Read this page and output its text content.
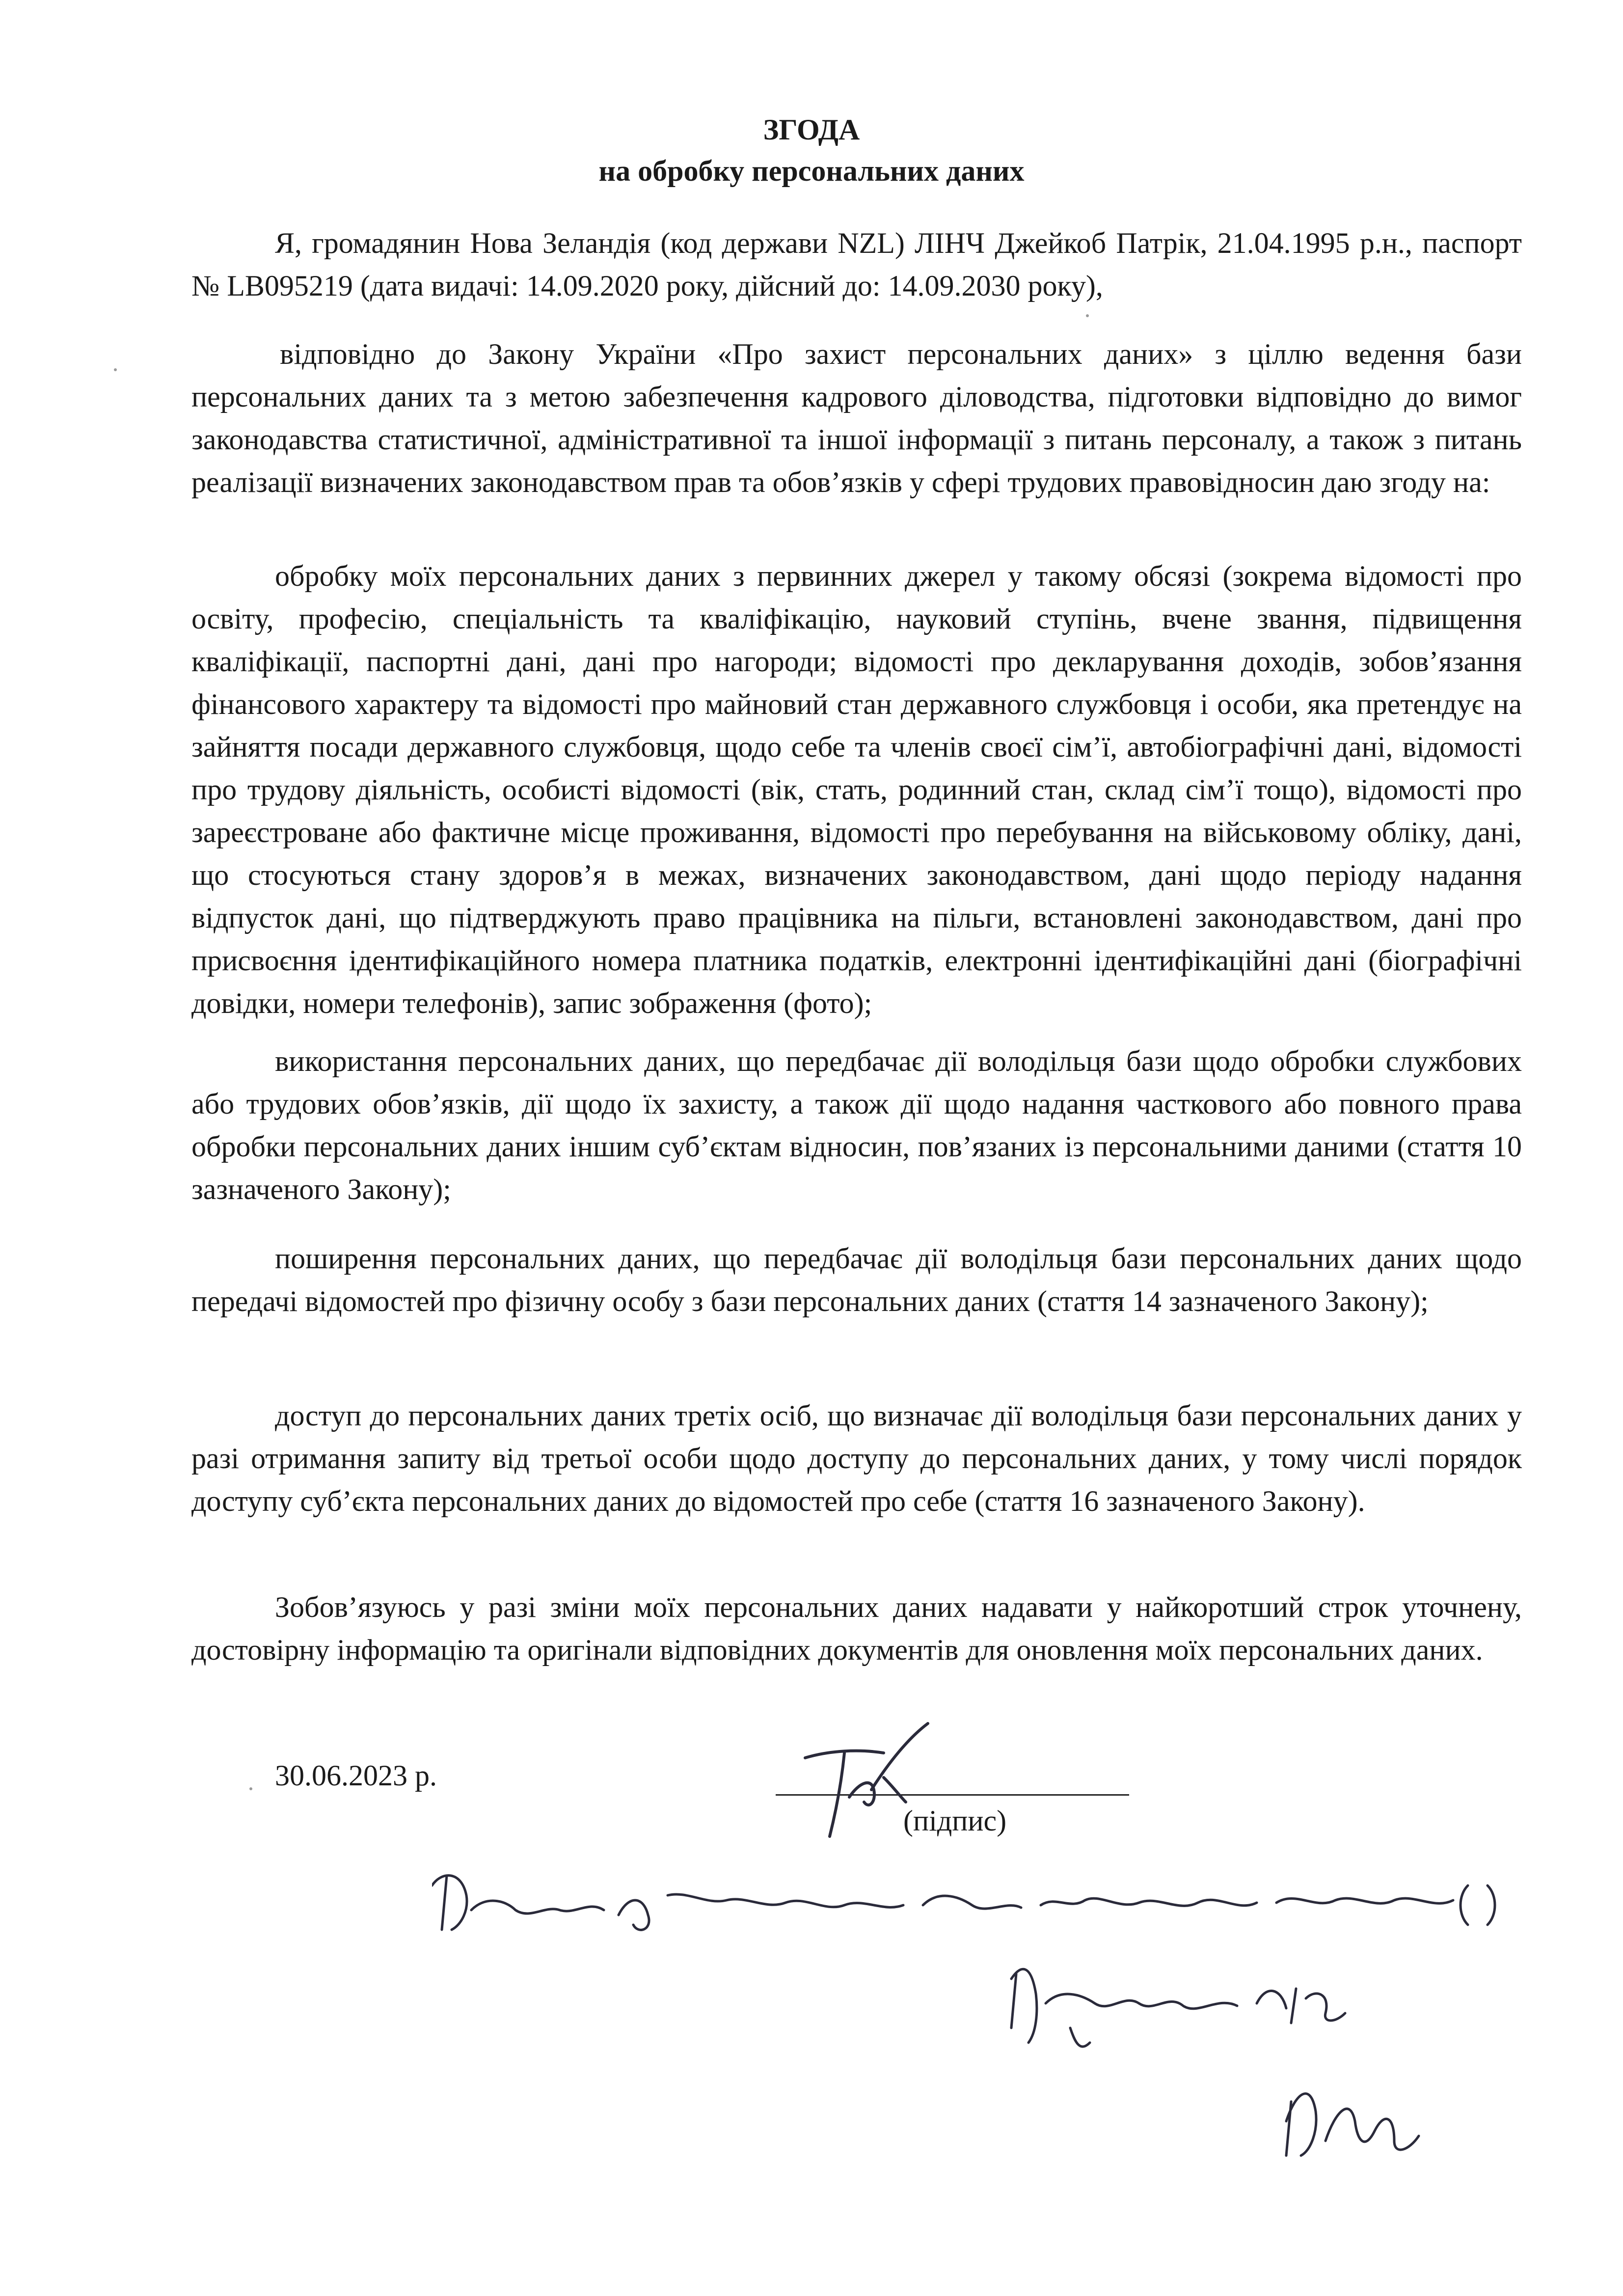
ЗГОДА
на обробку персональних даних

Я, громадянин Нова Зеландія (код держави NZL) ЛІНЧ Джейкоб Патрік, 21.04.1995 р.н., паспорт № LB095219 (дата видачі: 14.09.2020 року, дійсний до: 14.09.2030 року),

відповідно до Закону України «Про захист персональних даних» з ціллю ведення бази персональних даних та з метою забезпечення кадрового діловодства, підготовки відповідно до вимог законодавства статистичної, адміністративної та іншої інформації з питань персоналу, а також з питань реалізації визначених законодавством прав та обов’язків у сфері трудових правовідносин даю згоду на:

обробку моїх персональних даних з первинних джерел у такому обсязі (зокрема відомості про освіту, професію, спеціальність та кваліфікацію, науковий ступінь, вчене звання, підвищення кваліфікації, паспортні дані, дані про нагороди; відомості про декларування доходів, зобов’язання фінансового характеру та відомості про майновий стан державного службовця і особи, яка претендує на зайняття посади державного службовця, щодо себе та членів своєї сім’ї, автобіографічні дані, відомості про трудову діяльність, особисті відомості (вік, стать, родинний стан, склад сім’ї тощо), відомості про зареєстроване або фактичне місце проживання, відомості про перебування на військовому обліку, дані, що стосуються стану здоров’я в межах, визначених законодавством, дані щодо періоду надання відпусток дані, що підтверджують право працівника на пільги, встановлені законодавством, дані про присвоєння ідентифікаційного номера платника податків, електронні ідентифікаційні дані (біографічні довідки, номери телефонів), запис зображення (фото);

використання персональних даних, що передбачає дії володільця бази щодо обробки службових або трудових обов’язків, дії щодо їх захисту, а також дії щодо надання часткового або повного права обробки персональних даних іншим суб’єктам відносин, пов’язаних із персональними даними (стаття 10 зазначеного Закону);

поширення персональних даних, що передбачає дії володільця бази персональних даних щодо передачі відомостей про фізичну особу з бази персональних даних (стаття 14 зазначеного Закону);

доступ до персональних даних третіх осіб, що визначає дії володільця бази персональних даних у разі отримання запиту від третьої особи щодо доступу до персональних даних, у тому числі порядок доступу суб’єкта персональних даних до відомостей про себе (стаття 16 зазначеного Закону).

Зобов’язуюсь у разі зміни моїх персональних даних надавати у найкоротший строк уточнену, достовірну інформацію та оригінали відповідних документів для оновлення моїх персональних даних.

30.06.2023 р.
(підпис)
